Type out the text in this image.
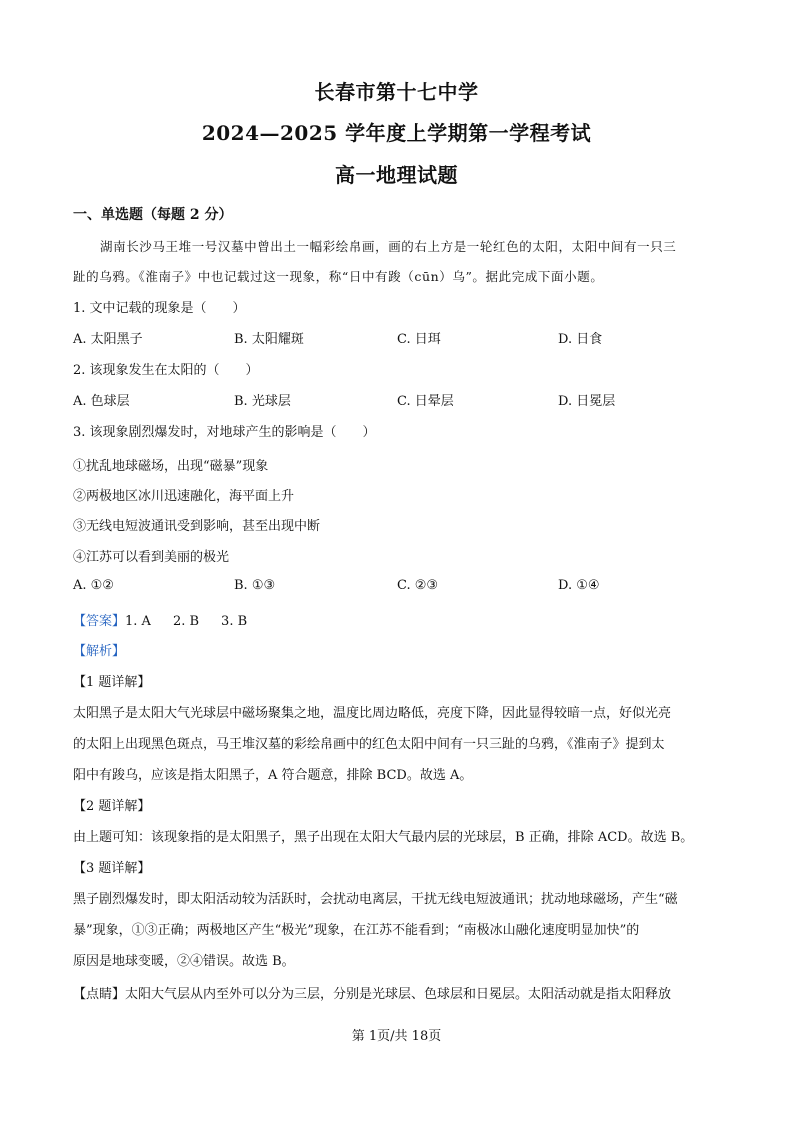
长春市第十七中学
2024—2025 学年度上学期第一学程考试
高一地理试题
一、单选题（每题 2 分）
湖南长沙马王堆一号汉墓中曾出土一幅彩绘帛画，画的右上方是一轮红色的太阳，太阳中间有一只三
趾的乌鸦。《淮南子》中也记载过这一现象，称“日中有踆（cūn）乌”。据此完成下面小题。
1. 文中记载的现象是（　　）
A. 太阳黑子	B. 太阳耀斑	C. 日珥	D. 日食
2. 该现象发生在太阳的（　　）
A. 色球层	B. 光球层	C. 日晕层	D. 日冕层
3. 该现象剧烈爆发时，对地球产生的影响是（　　）
①扰乱地球磁场，出现“磁暴”现象
②两极地区冰川迅速融化，海平面上升
③无线电短波通讯受到影响，甚至出现中断
④江苏可以看到美丽的极光
A. ①②	B. ①③	C. ②③	D. ①④
【答案】1. A 2. B 3. B
【解析】
【1 题详解】
太阳黑子是太阳大气光球层中磁场聚集之地，温度比周边略低，亮度下降，因此显得较暗一点，好似光亮
的太阳上出现黑色斑点，马王堆汉墓的彩绘帛画中的红色太阳中间有一只三趾的乌鸦，《淮南子》提到太
阳中有踆乌，应该是指太阳黑子，A 符合题意，排除 BCD。故选 A。
【2 题详解】
由上题可知：该现象指的是太阳黑子，黑子出现在太阳大气最内层的光球层，B 正确，排除 ACD。故选 B。
【3 题详解】
黑子剧烈爆发时，即太阳活动较为活跃时，会扰动电离层，干扰无线电短波通讯；扰动地球磁场，产生“磁
暴”现象，①③正确；两极地区产生“极光”现象，在江苏不能看到；“南极冰山融化速度明显加快”的
原因是地球变暖，②④错误。故选 B。
【点睛】太阳大气层从内至外可以分为三层，分别是光球层、色球层和日冕层。太阳活动就是指太阳释放
第 1页/共 18页
